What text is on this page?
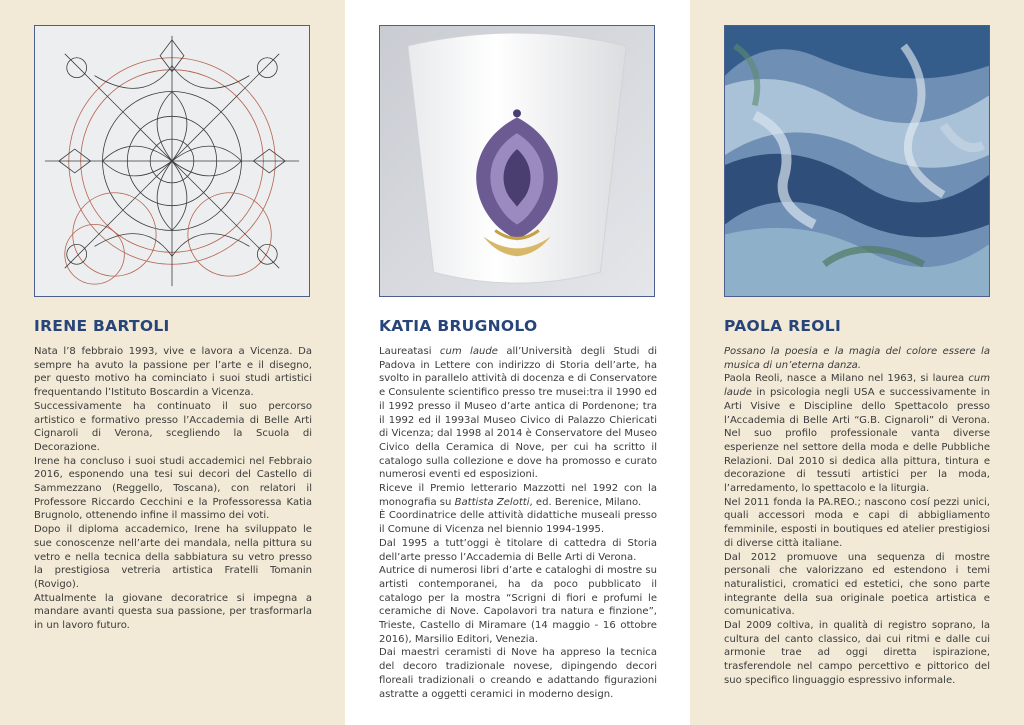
IRENE BARTOLI

Nata l’8 febbraio 1993, vive e lavora a Vicenza. Da sempre ha avuto la passione per l’arte e il disegno, per questo motivo ha cominciato i suoi studi artistici frequentando l’Istituto Boscardin a Vicenza.

Successivamente ha continuato il suo percorso artistico e formativo presso l’Accademia di Belle Arti Cignaroli di Verona, scegliendo la Scuola di Decorazione.

Irene ha concluso i suoi studi accademici nel Febbraio 2016, esponendo una tesi sui decori del Castello di Sammezzano (Reggello, Toscana), con relatori il Professore Riccardo Cecchini e la Professoressa Katia Brugnolo, ottenendo infine il massimo dei voti.

Dopo il diploma accademico, Irene ha sviluppato le sue conoscenze nell’arte dei mandala, nella pittura su vetro e nella tecnica della sabbiatura su vetro presso la prestigiosa vetreria artistica Fratelli Tomanin (Rovigo).

Attualmente la giovane decoratrice si impegna a mandare avanti questa sua passione, per trasformarla in un lavoro futuro.

KATIA BRUGNOLO

Laureatasi cum laude all’Università degli Studi di Padova in Lettere con indirizzo di Storia dell’arte, ha svolto in parallelo attività di docenza e di Conservatore e Consulente scientifico presso tre musei:tra il 1990 ed il 1992 presso il Museo d’arte antica di Pordenone; tra il 1992 ed il 1993al Museo Civico di Palazzo Chiericati di Vicenza; dal 1998 al 2014 è Conservatore del Museo Civico della Ceramica di Nove, per cui ha scritto il catalogo sulla collezione e dove ha promosso e curato numerosi eventi ed esposizioni.

Riceve il Premio letterario Mazzotti nel 1992 con la monografia su Battista Zelotti, ed. Berenice, Milano.

È Coordinatrice delle attività didattiche museali presso il Comune di Vicenza nel biennio 1994-1995.

Dal 1995 a tutt’oggi è titolare di cattedra di Storia dell’arte presso l’Accademia di Belle Arti di Verona.

Autrice di numerosi libri d’arte e cataloghi di mostre su artisti contemporanei, ha da poco pubblicato il catalogo per la mostra “Scrigni di fiori e profumi le ceramiche di Nove. Capolavori tra natura e finzione”, Trieste, Castello di Miramare (14 maggio - 16 ottobre 2016), Marsilio Editori, Venezia.

Dai maestri ceramisti di Nove ha appreso la tecnica del decoro tradizionale novese, dipingendo decori floreali tradizionali o creando e adattando figurazioni astratte a oggetti ceramici in moderno design.

PAOLA REOLI

Possano la poesia e la magia del colore essere la musica di un’eterna danza.

Paola Reoli, nasce a Milano nel 1963, si laurea cum laude in psicologia negli USA e successivamente in Arti Visive e Discipline dello Spettacolo presso l’Accademia di Belle Arti “G.B. Cignaroli” di Verona. Nel suo profilo professionale vanta diverse esperienze nel settore della moda e delle Pubbliche Relazioni. Dal 2010 si dedica alla pittura, tintura e decorazione di tessuti artistici per la moda, l’arredamento, lo spettacolo e la liturgia.

Nel 2011 fonda la PA.REO.; nascono cosí pezzi unici, quali accessori moda e capi di abbigliamento femminile, esposti in boutiques ed atelier prestigiosi di diverse città italiane.

Dal 2012 promuove una sequenza di mostre personali che valorizzano ed estendono i temi naturalistici, cromatici ed estetici, che sono parte integrante della sua originale poetica artistica e comunicativa.

Dal 2009 coltiva, in qualità di registro soprano, la cultura del canto classico, dai cui ritmi e dalle cui armonie trae ad oggi diretta ispirazione, trasferendole nel campo percettivo e pittorico del suo specifico linguaggio espressivo informale.
